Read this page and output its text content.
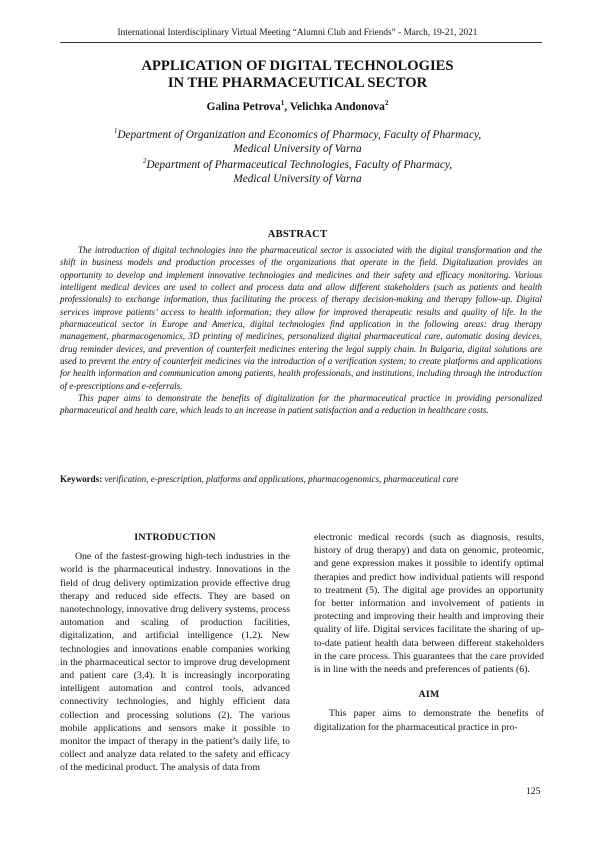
International Interdisciplinary Virtual Meeting “Alumni Club and Friends” - March, 19-21, 2021
APPLICATION OF DIGITAL TECHNOLOGIES
IN THE PHARMACEUTICAL SECTOR
Galina Petrova$^1$, Velichka Andonova$^2$
$^1$Department of Organization and Economics of Pharmacy, Faculty of Pharmacy,
Medical University of Varna
$^2$Department of Pharmaceutical Technologies, Faculty of Pharmacy,
Medical University of Varna
ABSTRACT

The introduction of digital technologies into the pharmaceutical sector is associated with the digital transformation and the shift in business models and production processes of the organizations that operate in the field. Digitalization provides an opportunity to develop and implement innovative technologies and medicines and their safety and efficacy monitoring. Various intelligent medical devices are used to collect and process data and allow different stakeholders (such as patients and health professionals) to exchange information, thus facilitating the process of therapy decision-making and therapy follow-up. Digital services improve patients’ access to health information; they allow for improved therapeutic results and quality of life. In the pharmaceutical sector in Europe and America, digital technologies find application in the following areas: drug therapy management, pharmacogenomics, 3D printing of medicines, personalized digital pharmaceutical care, automatic dosing devices, drug reminder devices, and prevention of counterfeit medicines entering the legal supply chain. In Bulgaria, digital solutions are used to prevent the entry of counterfeit medicines via the introduction of a verification system; to create platforms and applications for health information and communication among patients, health professionals, and institutions, including through the introduction of e-prescriptions and e-referrals.

This paper aims to demonstrate the benefits of digitalization for the pharmaceutical practice in providing personalized pharmaceutical and health care, which leads to an increase in patient satisfaction and a reduction in healthcare costs.

Keywords: verification, e-prescription, platforms and applications, pharmacogenomics, pharmaceutical care
INTRODUCTION

One of the fastest-growing high-tech industries in the world is the pharmaceutical industry. Innovations in the field of drug delivery optimization provide effective drug therapy and reduced side effects. They are based on nanotechnology, innovative drug delivery systems, process automation and scaling of production facilities, digitalization, and artificial intelligence (1,2). New technologies and innovations enable companies working in the pharmaceutical sector to improve drug development and patient care (3,4). It is increasingly incorporating intelligent automation and control tools, advanced connectivity technologies, and highly efficient data collection and processing solutions (2). The various mobile applications and sensors make it possible to monitor the impact of therapy in the patient’s daily life, to collect and analyze data related to the safety and efficacy of the medicinal product. The analysis of data from

electronic medical records (such as diagnosis, results, history of drug therapy) and data on genomic, proteomic, and gene expression makes it possible to identify optimal therapies and predict how individual patients will respond to treatment (5). The digital age provides an opportunity for better information and involvement of patients in protecting and improving their health and improving their quality of life. Digital services facilitate the sharing of up-to-date patient health data between different stakeholders in the care process. This guarantees that the care provided is in line with the needs and preferences of patients (6).

AIM

This paper aims to demonstrate the benefits of digitalization for the pharmaceutical practice in pro-

125
